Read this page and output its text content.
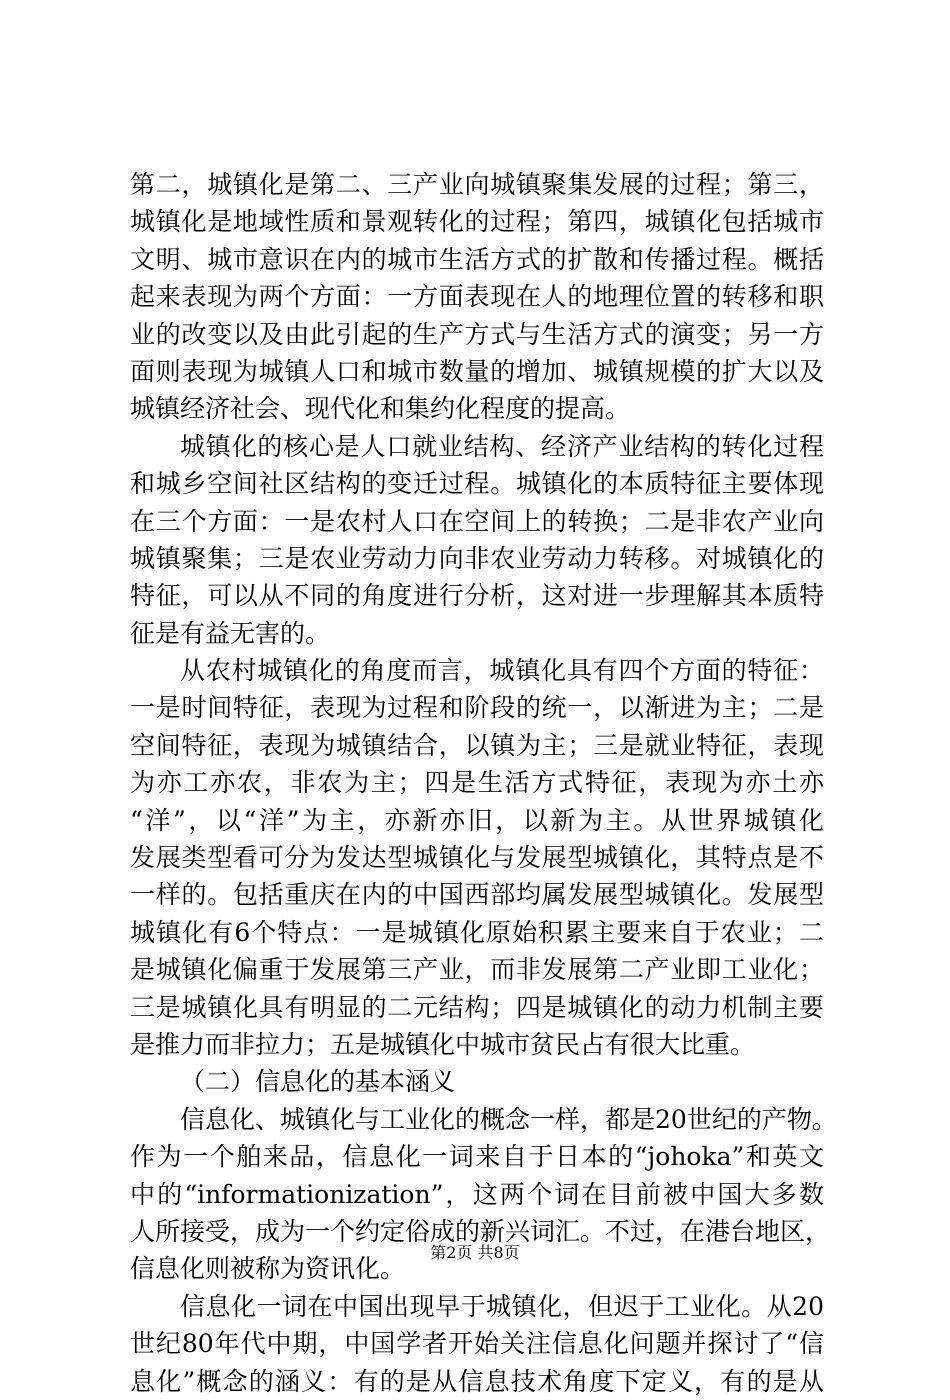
第二，城镇化是第二、三产业向城镇聚集发展的过程；第三，
城镇化是地域性质和景观转化的过程；第四，城镇化包括城市
文明、城市意识在内的城市生活方式的扩散和传播过程。概括
起来表现为两个方面：一方面表现在人的地理位置的转移和职
业的改变以及由此引起的生产方式与生活方式的演变；另一方
面则表现为城镇人口和城市数量的增加、城镇规模的扩大以及
城镇经济社会、现代化和集约化程度的提高。
城镇化的核心是人口就业结构、经济产业结构的转化过程
和城乡空间社区结构的变迁过程。城镇化的本质特征主要体现
在三个方面：一是农村人口在空间上的转换；二是非农产业向
城镇聚集；三是农业劳动力向非农业劳动力转移。对城镇化的
特征，可以从不同的角度进行分析，这对进一步理解其本质特
征是有益无害的。
从农村城镇化的角度而言，城镇化具有四个方面的特征：
一是时间特征，表现为过程和阶段的统一，以渐进为主；二是
空间特征，表现为城镇结合，以镇为主；三是就业特征，表现
为亦工亦农，非农为主；四是生活方式特征，表现为亦土亦
“洋”，以“洋”为主，亦新亦旧，以新为主。从世界城镇化
发展类型看可分为发达型城镇化与发展型城镇化，其特点是不
一样的。包括重庆在内的中国西部均属发展型城镇化。发展型
城镇化有6个特点：一是城镇化原始积累主要来自于农业；二
是城镇化偏重于发展第三产业，而非发展第二产业即工业化；
三是城镇化具有明显的二元结构；四是城镇化的动力机制主要
是推力而非拉力；五是城镇化中城市贫民占有很大比重。
（二）信息化的基本涵义
信息化、城镇化与工业化的概念一样，都是20世纪的产物。
作为一个舶来品，信息化一词来自于日本的“johoka”和英文
中的“informationization”，这两个词在目前被中国大多数
人所接受，成为一个约定俗成的新兴词汇。不过，在港台地区，
信息化则被称为资讯化。
信息化一词在中国出现早于城镇化，但迟于工业化。从20
世纪80年代中期，中国学者开始关注信息化问题并探讨了“信
息化”概念的涵义：有的是从信息技术角度下定义，有的是从
第2页 共8页
